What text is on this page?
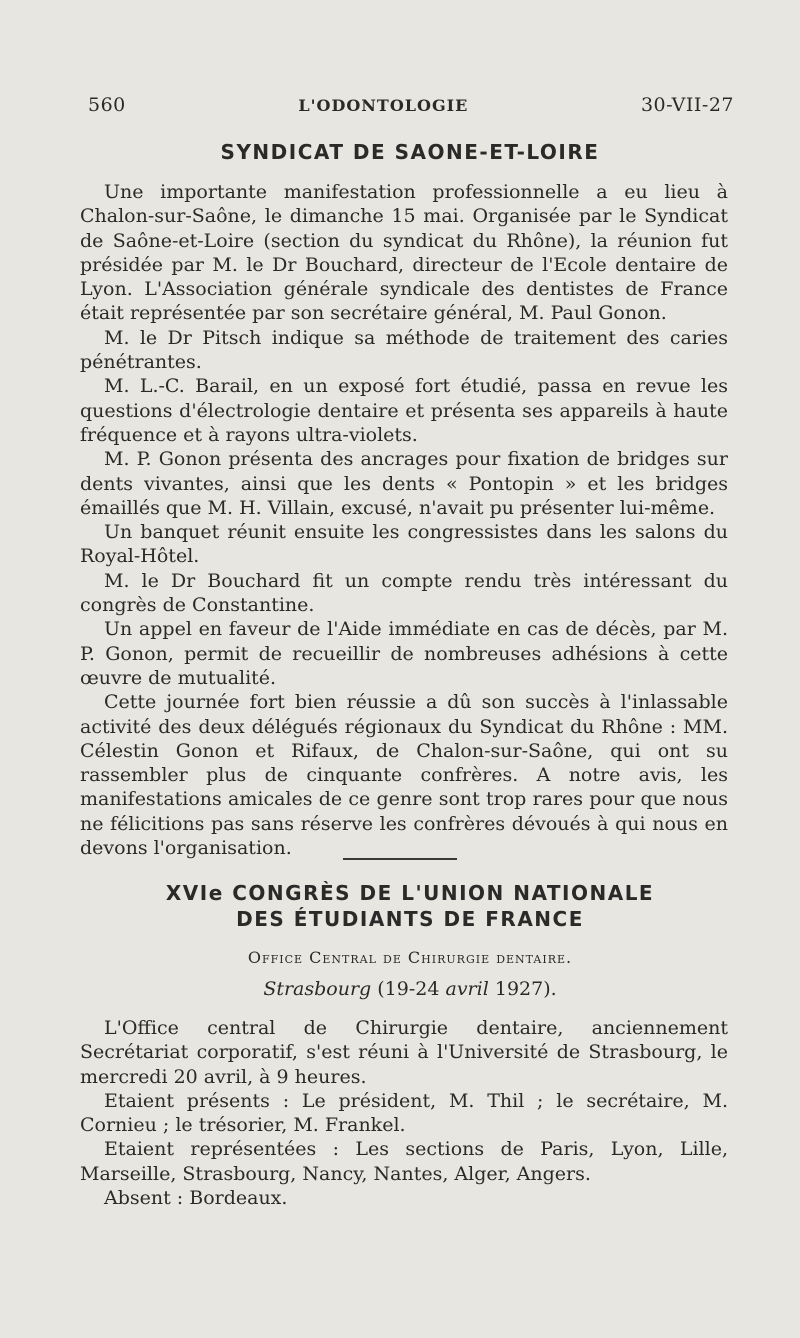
560	L'ODONTOLOGIE	30-VII-27
SYNDICAT DE SAONE-ET-LOIRE

Une importante manifestation professionnelle a eu lieu à Chalon-sur-Saône, le dimanche 15 mai. Organisée par le Syndicat de Saône-et-Loire (section du syndicat du Rhône), la réunion fut présidée par M. le Dr Bouchard, directeur de l'Ecole dentaire de Lyon. L'Association générale syndicale des dentistes de France était représentée par son secrétaire général, M. Paul Gonon.

M. le Dr Pitsch indique sa méthode de traitement des caries pénétrantes.

M. L.-C. Barail, en un exposé fort étudié, passa en revue les questions d'électrologie dentaire et présenta ses appareils à haute fréquence et à rayons ultra-violets.

M. P. Gonon présenta des ancrages pour fixation de bridges sur dents vivantes, ainsi que les dents « Pontopin » et les bridges émaillés que M. H. Villain, excusé, n'avait pu présenter lui-même.

Un banquet réunit ensuite les congressistes dans les salons du Royal-Hôtel.

M. le Dr Bouchard fit un compte rendu très intéressant du congrès de Constantine.

Un appel en faveur de l'Aide immédiate en cas de décès, par M. P. Gonon, permit de recueillir de nombreuses adhésions à cette œuvre de mutualité.

Cette journée fort bien réussie a dû son succès à l'inlassable activité des deux délégués régionaux du Syndicat du Rhône : MM. Célestin Gonon et Rifaux, de Chalon-sur-Saône, qui ont su rassembler plus de cinquante confrères. A notre avis, les manifestations amicales de ce genre sont trop rares pour que nous ne félicitions pas sans réserve les confrères dévoués à qui nous en devons l'organisation.

XVIe CONGRÈS DE L'UNION NATIONALE
DES ÉTUDIANTS DE FRANCE
Office Central de Chirurgie dentaire.
Strasbourg (19-24 avril 1927).

L'Office central de Chirurgie dentaire, anciennement Secrétariat corporatif, s'est réuni à l'Université de Strasbourg, le mercredi 20 avril, à 9 heures.

Etaient présents : Le président, M. Thil ; le secrétaire, M. Cornieu ; le trésorier, M. Frankel.

Etaient représentées : Les sections de Paris, Lyon, Lille, Marseille, Strasbourg, Nancy, Nantes, Alger, Angers.

Absent : Bordeaux.
